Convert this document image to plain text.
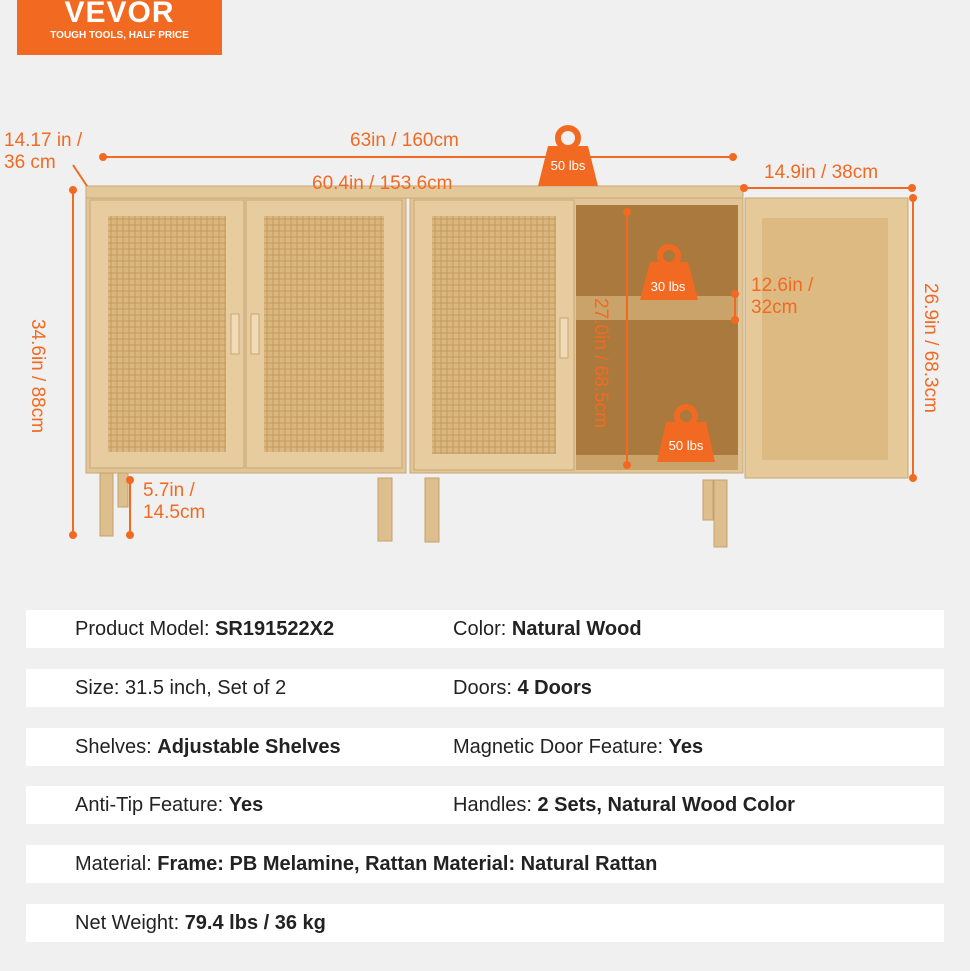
VEVOR
TOUGH TOOLS, HALF PRICE
14.17 in /
36 cm
63in / 160cm
60.4in / 153.6cm
14.9in / 38cm
5.7in /
14.5cm
12.6in /
32cm
34.6in / 88cm	27.0in / 68.5cm	26.9in / 68.3cm
50 lbs
30 lbs
50 lbs
Product Model: SR191522X2	Color: Natural Wood
Size: 31.5 inch, Set of 2	Doors: 4 Doors
Shelves: Adjustable Shelves	Magnetic Door Feature: Yes
Anti-Tip Feature: Yes	Handles: 2 Sets, Natural Wood Color
Material: Frame: PB Melamine, Rattan Material: Natural Rattan
Net Weight: 79.4 lbs / 36 kg
